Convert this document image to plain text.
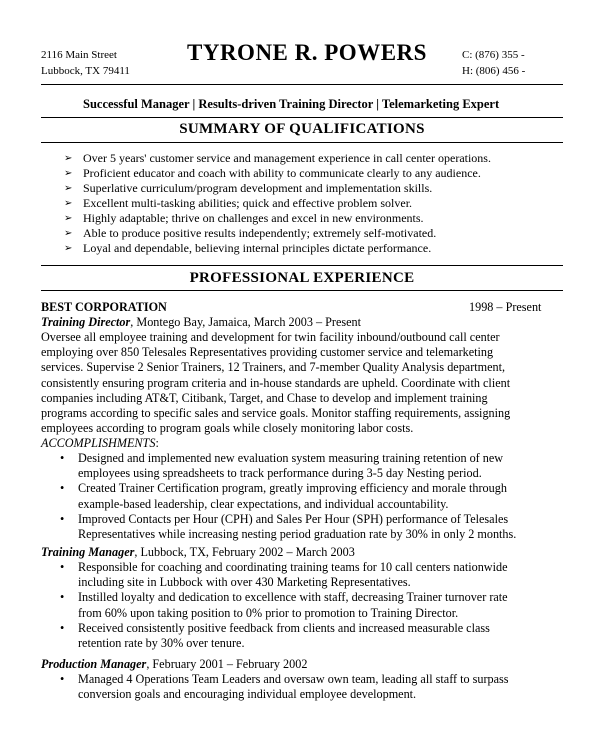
2116 Main Street
Lubbock, TX 79411
TYRONE R. POWERS	C: (876) 355 -
H: (806) 456 -
Successful Manager | Results-driven Training Director | Telemarketing Expert
SUMMARY OF QUALIFICATIONS
➢ Over 5 years' customer service and management experience in call center operations.
➢ Proficient educator and coach with ability to communicate clearly to any audience.
➢ Superlative curriculum/program development and implementation skills.
➢ Excellent multi-tasking abilities; quick and effective problem solver.
➢ Highly adaptable; thrive on challenges and excel in new environments.
➢ Able to produce positive results independently; extremely self-motivated.
➢ Loyal and dependable, believing internal principles dictate performance.
PROFESSIONAL EXPERIENCE
BEST CORPORATION	1998 – Present
Training Director, Montego Bay, Jamaica, March 2003 – Present
Oversee all employee training and development for twin facility inbound/outbound call center
employing over 850 Telesales Representatives providing customer service and telemarketing
services. Supervise 2 Senior Trainers, 12 Trainers, and 7-member Quality Analysis department,
consistently ensuring program criteria and in-house standards are upheld. Coordinate with client
companies including AT&T, Citibank, Target, and Chase to develop and implement training
programs according to specific sales and service goals. Monitor staffing requirements, assigning
employees according to program goals while closely monitoring labor costs.
ACCOMPLISHMENTS:
• Designed and implemented new evaluation system measuring training retention of new
employees using spreadsheets to track performance during 3-5 day Nesting period.
• Created Trainer Certification program, greatly improving efficiency and morale through
example-based leadership, clear expectations, and individual accountability.
• Improved Contacts per Hour (CPH) and Sales Per Hour (SPH) performance of Telesales
Representatives while increasing nesting period graduation rate by 30% in only 2 months.
Training Manager, Lubbock, TX, February 2002 – March 2003
• Responsible for coaching and coordinating training teams for 10 call centers nationwide
including site in Lubbock with over 430 Marketing Representatives.
• Instilled loyalty and dedication to excellence with staff, decreasing Trainer turnover rate
from 60% upon taking position to 0% prior to promotion to Training Director.
• Received consistently positive feedback from clients and increased measurable class
retention rate by 30% over tenure.
Production Manager, February 2001 – February 2002
• Managed 4 Operations Team Leaders and oversaw own team, leading all staff to surpass
conversion goals and encouraging individual employee development.
